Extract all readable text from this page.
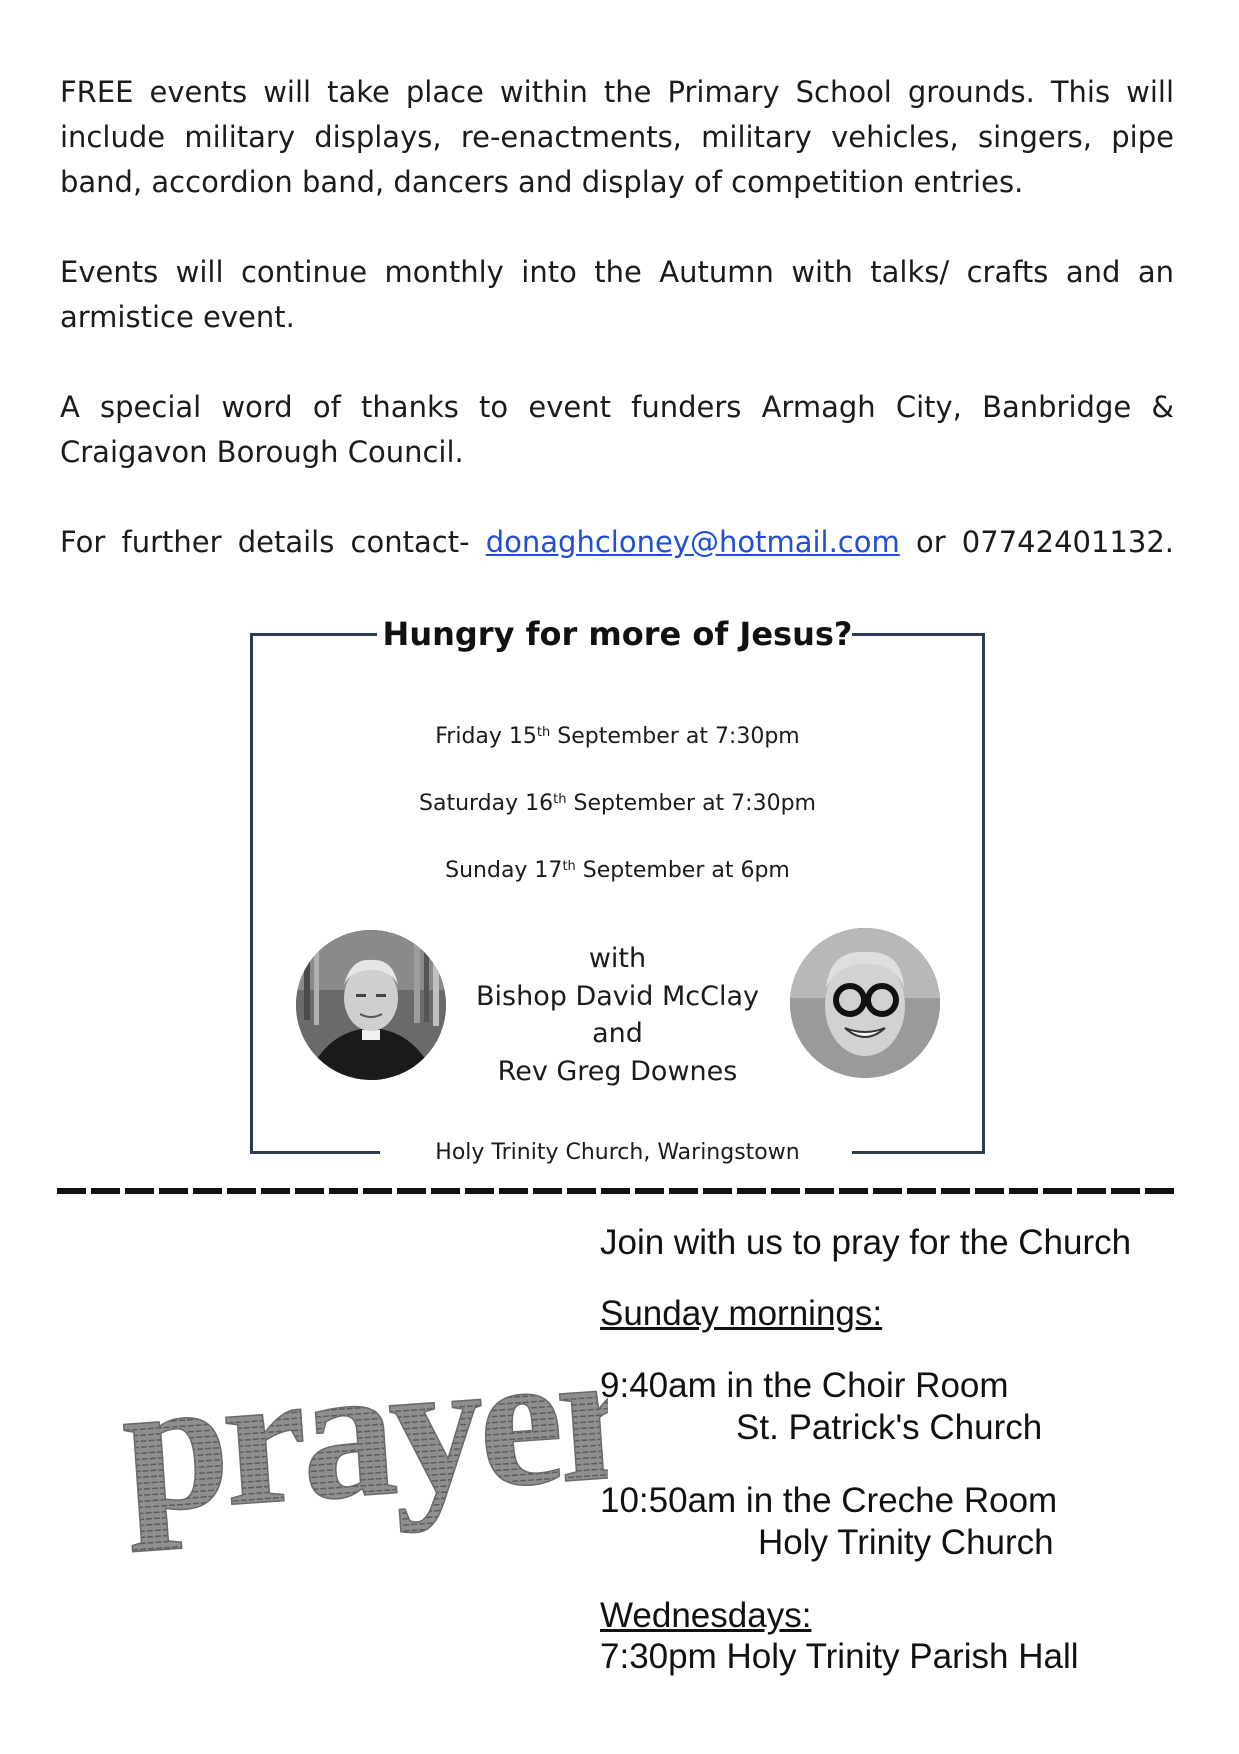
FREE events will take place within the Primary School grounds. This will include military displays, re-enactments, military vehicles, singers, pipe band, accordion band, dancers and display of competition entries.
Events will continue monthly into the Autumn with talks/ crafts and an armistice event.
A special word of thanks to event funders Armagh City, Banbridge & Craigavon Borough Council.
For further details contact- donaghcloney@hotmail.com or 07742401132.
Hungry for more of Jesus?
Friday 15th September at 7:30pm
Saturday 16th September at 7:30pm
Sunday 17th September at 6pm
with
Bishop David McClay
and
Rev Greg Downes
Holy Trinity Church, Waringstown
prayer
Join with us to pray for the Church
Sunday mornings:
9:40am in the Choir Room
St. Patrick's Church
10:50am in the Creche Room
Holy Trinity Church
Wednesdays:
7:30pm Holy Trinity Parish Hall
